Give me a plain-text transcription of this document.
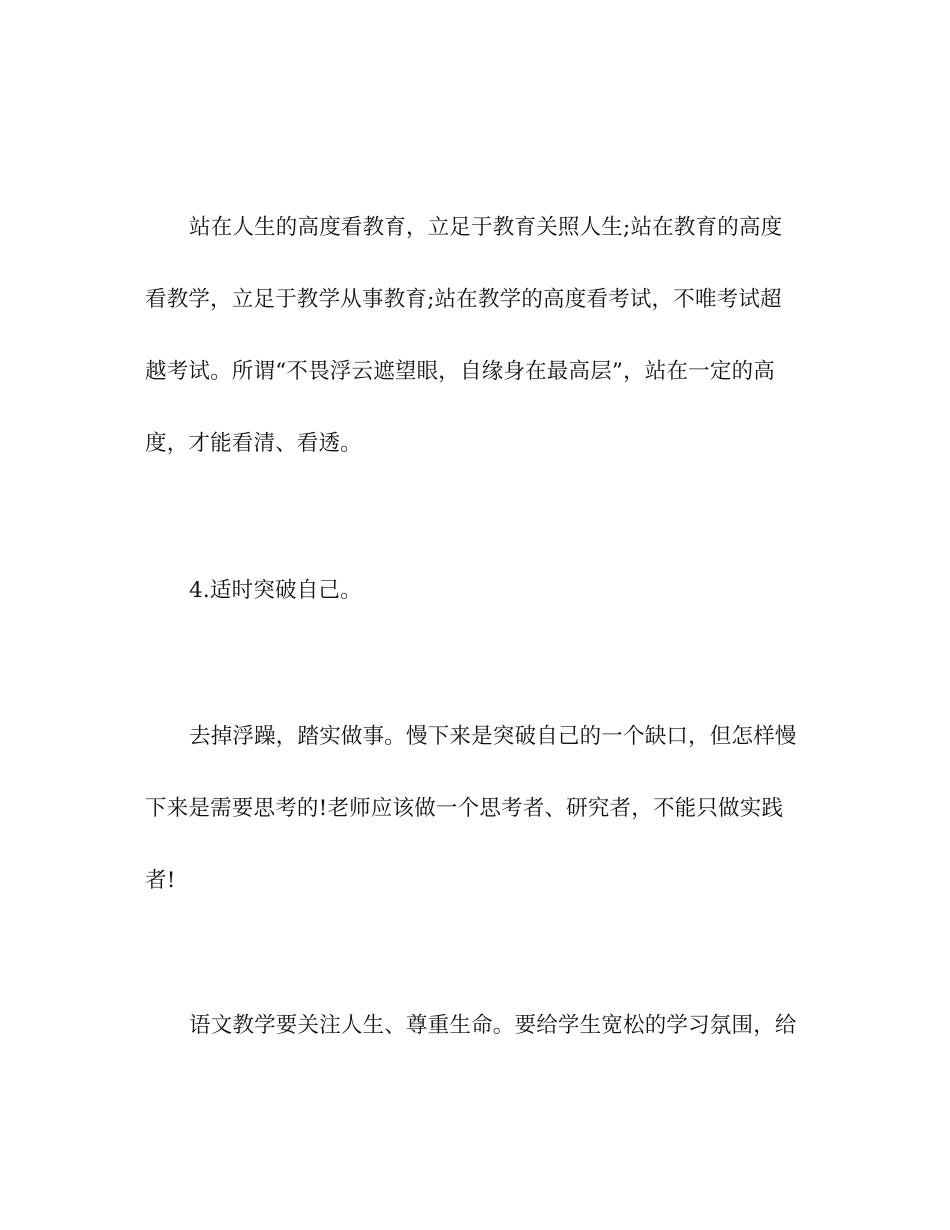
站在人生的高度看教育，立足于教育关照人生;站在教育的高度
看教学，立足于教学从事教育;站在教学的高度看考试，不唯考试超
越考试。所谓“不畏浮云遮望眼，自缘身在最高层”，站在一定的高
度，才能看清、看透。

4.适时突破自己。

去掉浮躁，踏实做事。慢下来是突破自己的一个缺口，但怎样慢
下来是需要思考的!老师应该做一个思考者、研究者，不能只做实践
者!

语文教学要关注人生、尊重生命。要给学生宽松的学习氛围，给
